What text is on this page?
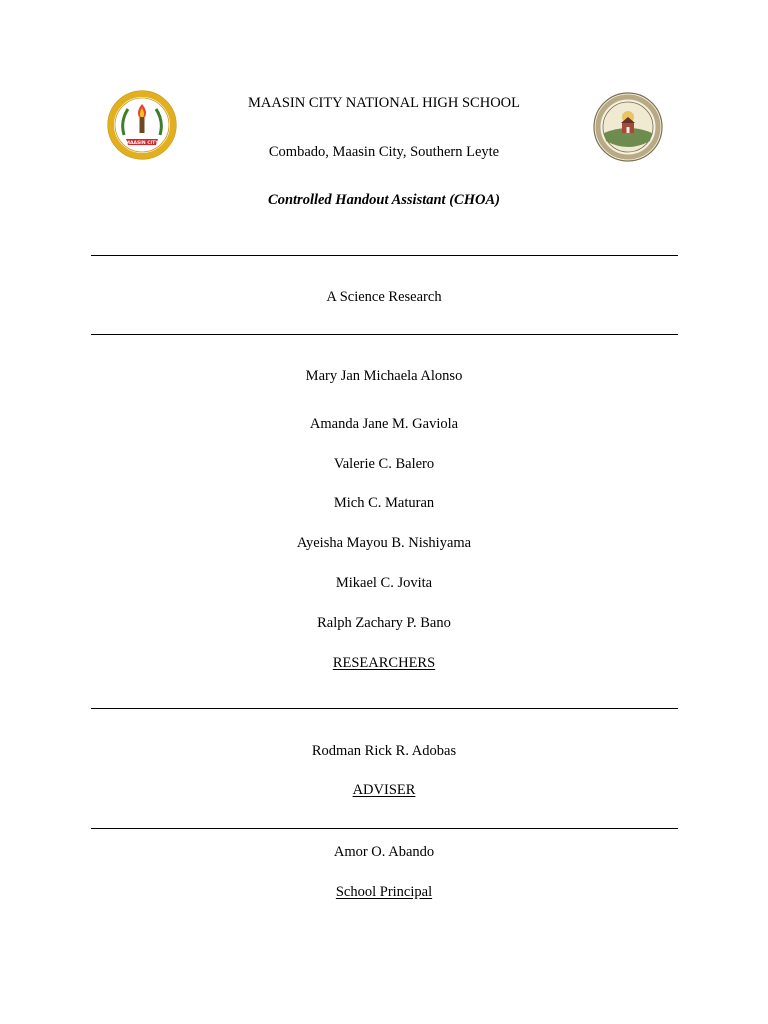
MAASIN CITY
MAASIN CITY NATIONAL HIGH SCHOOL
Combado, Maasin City, Southern Leyte
Controlled Handout Assistant (CHOA)
A Science Research
Mary Jan Michaela Alonso
Amanda Jane M. Gaviola
Valerie C. Balero
Mich C. Maturan
Ayeisha Mayou B. Nishiyama
Mikael C. Jovita
Ralph Zachary P. Bano
RESEARCHERS
Rodman Rick R. Adobas
ADVISER
Amor O. Abando
School Principal
